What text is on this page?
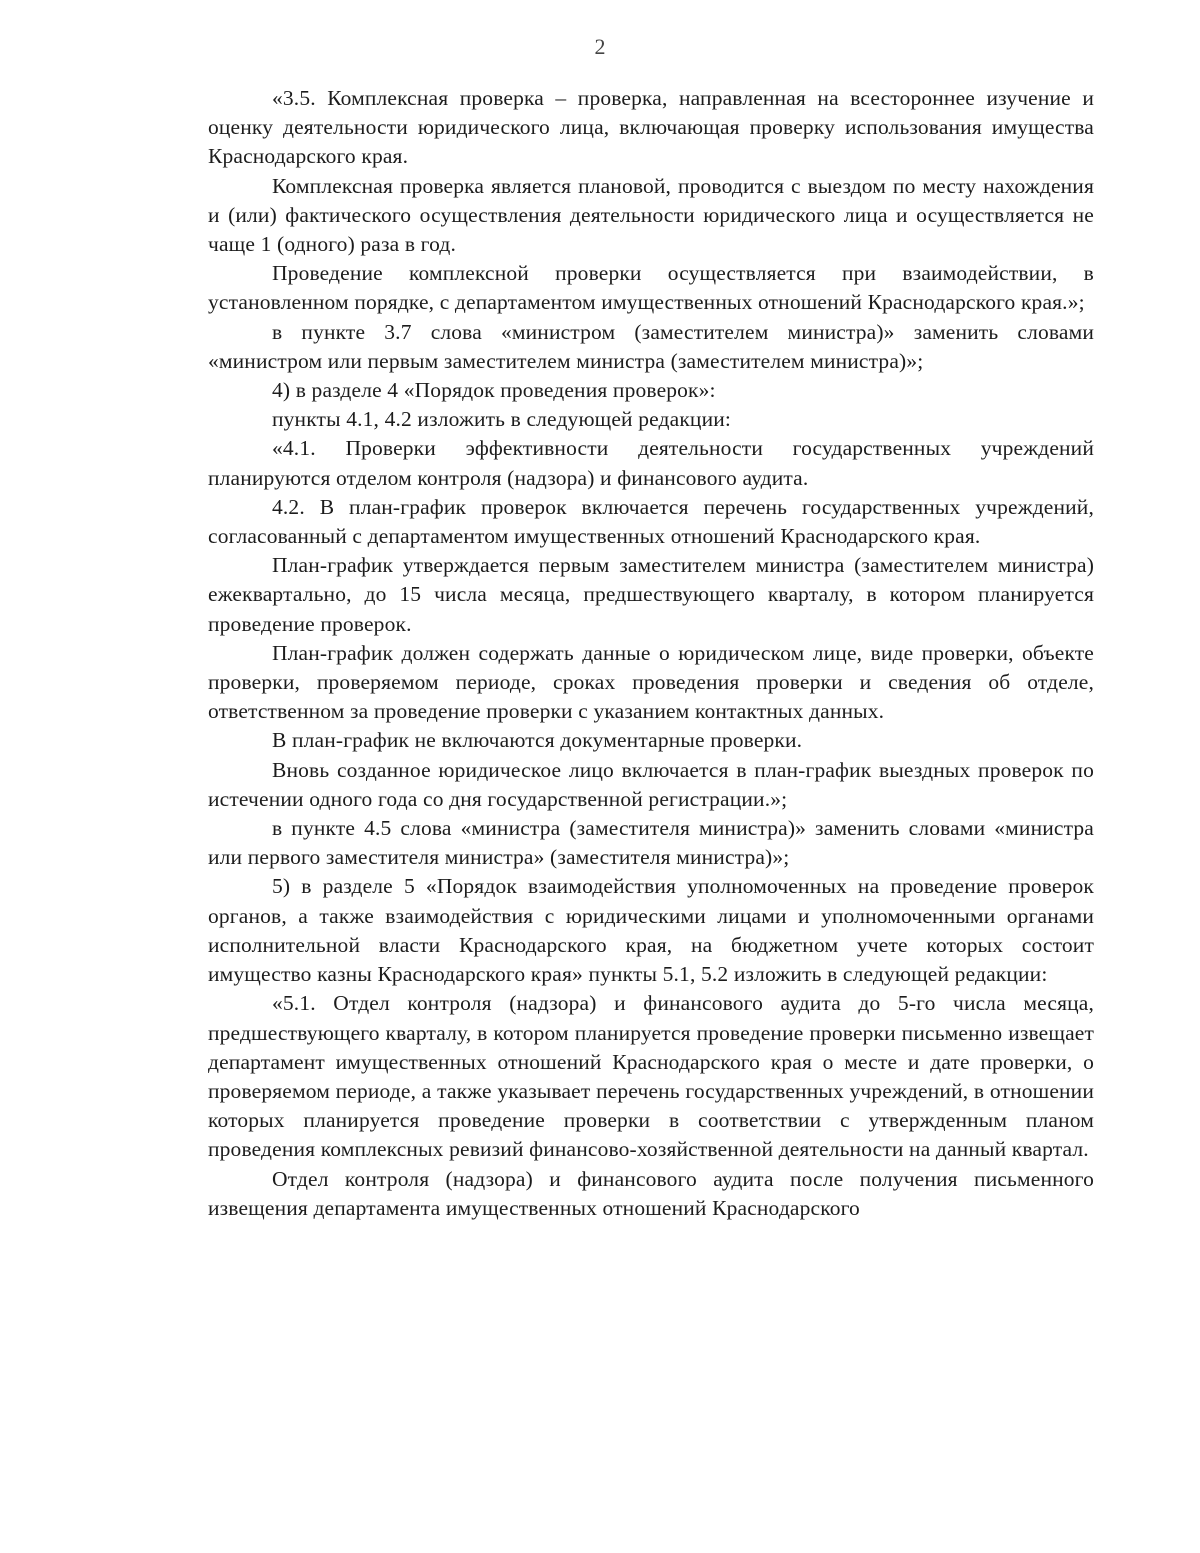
2

«3.5. Комплексная проверка – проверка, направленная на всестороннее изучение и оценку деятельности юридического лица, включающая проверку использования имущества Краснодарского края.

Комплексная проверка является плановой, проводится с выездом по месту нахождения и (или) фактического осуществления деятельности юридического лица и осуществляется не чаще 1 (одного) раза в год.

Проведение комплексной проверки осуществляется при взаимодействии, в установленном порядке, с департаментом имущественных отношений Краснодарского края.»;

в пункте 3.7 слова «министром (заместителем министра)» заменить словами «министром или первым заместителем министра (заместителем министра)»;

4) в разделе 4 «Порядок проведения проверок»:

пункты 4.1, 4.2 изложить в следующей редакции:

«4.1. Проверки эффективности деятельности государственных учреждений планируются отделом контроля (надзора) и финансового аудита.

4.2. В план-график проверок включается перечень государственных учреждений, согласованный с департаментом имущественных отношений Краснодарского края.

План-график утверждается первым заместителем министра (заместителем министра) ежеквартально, до 15 числа месяца, предшествующего кварталу, в котором планируется проведение проверок.

План-график должен содержать данные о юридическом лице, виде проверки, объекте проверки, проверяемом периоде, сроках проведения проверки и сведения об отделе, ответственном за проведение проверки с указанием контактных данных.

В план-график не включаются документарные проверки.

Вновь созданное юридическое лицо включается в план-график выездных проверок по истечении одного года со дня государственной регистрации.»;

в пункте 4.5 слова «министра (заместителя министра)» заменить словами «министра или первого заместителя министра» (заместителя министра)»;

5) в разделе 5 «Порядок взаимодействия уполномоченных на проведение проверок органов, а также взаимодействия с юридическими лицами и уполномоченными органами исполнительной власти Краснодарского края, на бюджетном учете которых состоит имущество казны Краснодарского края» пункты 5.1, 5.2 изложить в следующей редакции:

«5.1. Отдел контроля (надзора) и финансового аудита до 5-го числа месяца, предшествующего кварталу, в котором планируется проведение проверки письменно извещает департамент имущественных отношений Краснодарского края о месте и дате проверки, о проверяемом периоде, а также указывает перечень государственных учреждений, в отношении которых планируется проведение проверки в соответствии с утвержденным планом проведения комплексных ревизий финансово-хозяйственной деятельности на данный квартал.

Отдел контроля (надзора) и финансового аудита после получения письменного извещения департамента имущественных отношений Краснодарского
